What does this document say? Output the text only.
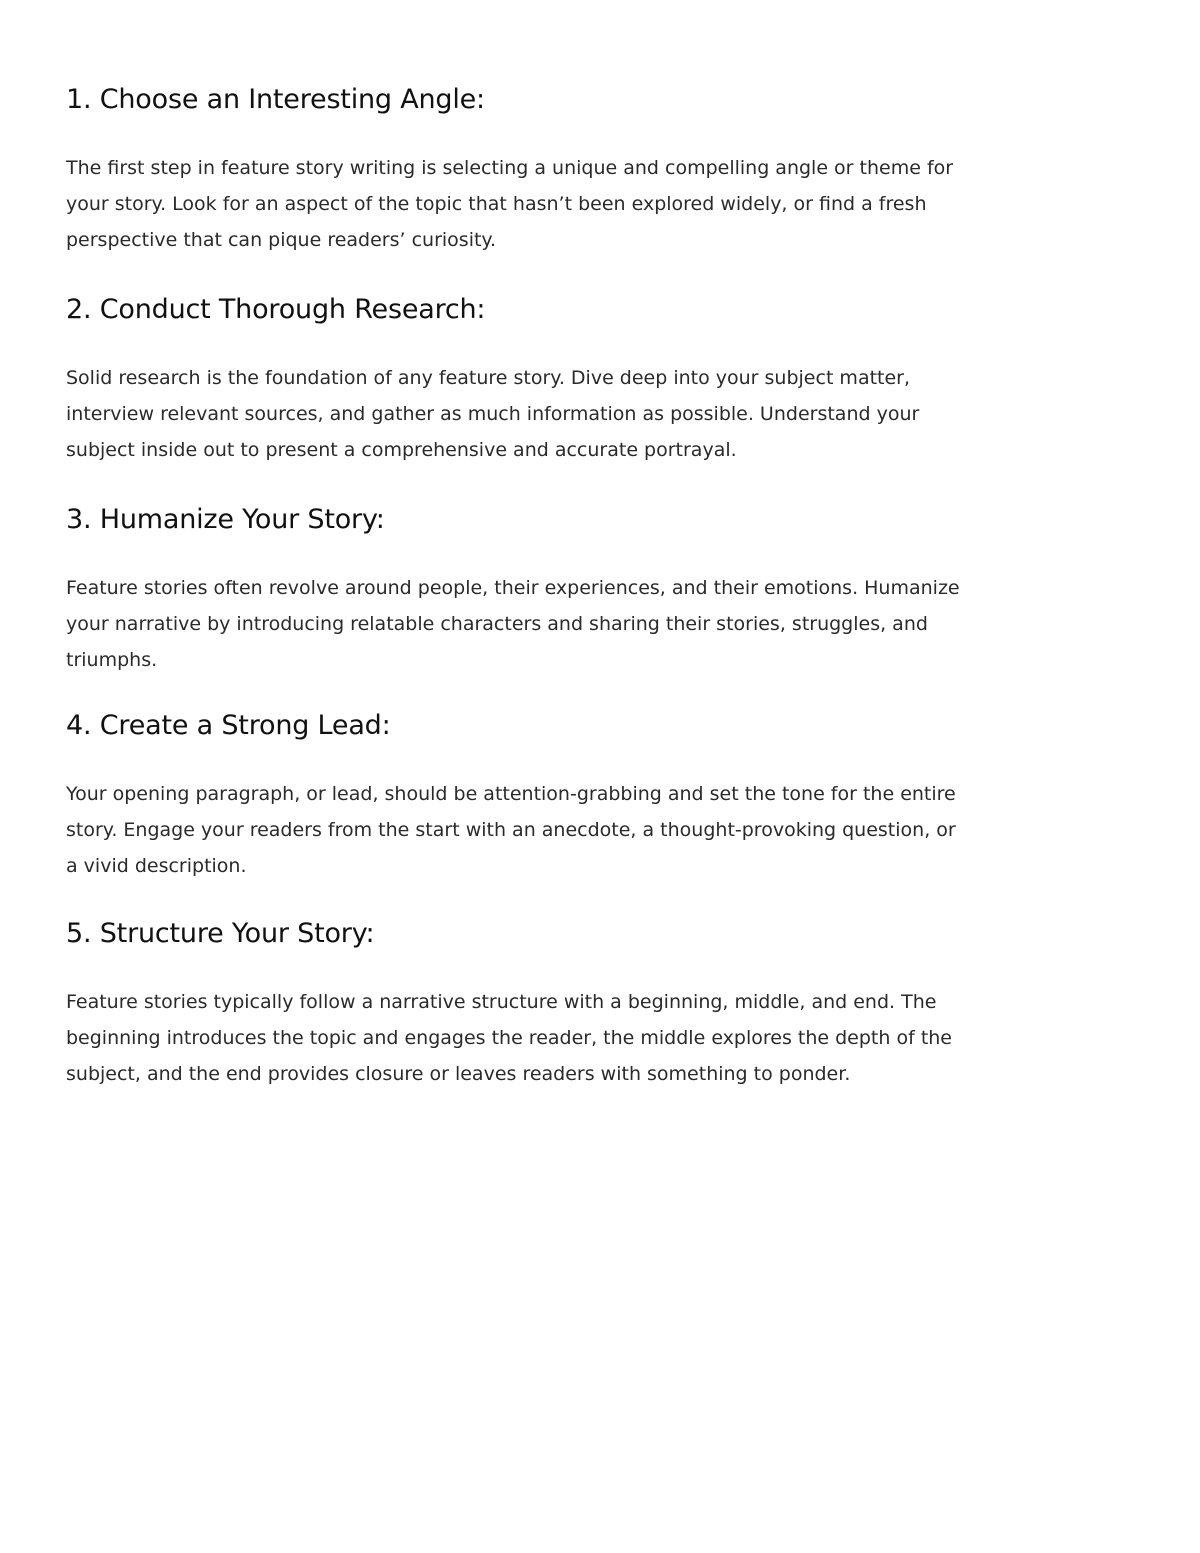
1. Choose an Interesting Angle:

The first step in feature story writing is selecting a unique and compelling angle or theme for your story. Look for an aspect of the topic that hasn’t been explored widely, or find a fresh perspective that can pique readers’ curiosity.

2. Conduct Thorough Research:

Solid research is the foundation of any feature story. Dive deep into your subject matter, interview relevant sources, and gather as much information as possible. Understand your subject inside out to present a comprehensive and accurate portrayal.

3. Humanize Your Story:

Feature stories often revolve around people, their experiences, and their emotions. Humanize your narrative by introducing relatable characters and sharing their stories, struggles, and triumphs.

4. Create a Strong Lead:

Your opening paragraph, or lead, should be attention-grabbing and set the tone for the entire story. Engage your readers from the start with an anecdote, a thought-provoking question, or a vivid description.

5. Structure Your Story:

Feature stories typically follow a narrative structure with a beginning, middle, and end. The beginning introduces the topic and engages the reader, the middle explores the depth of the subject, and the end provides closure or leaves readers with something to ponder.
